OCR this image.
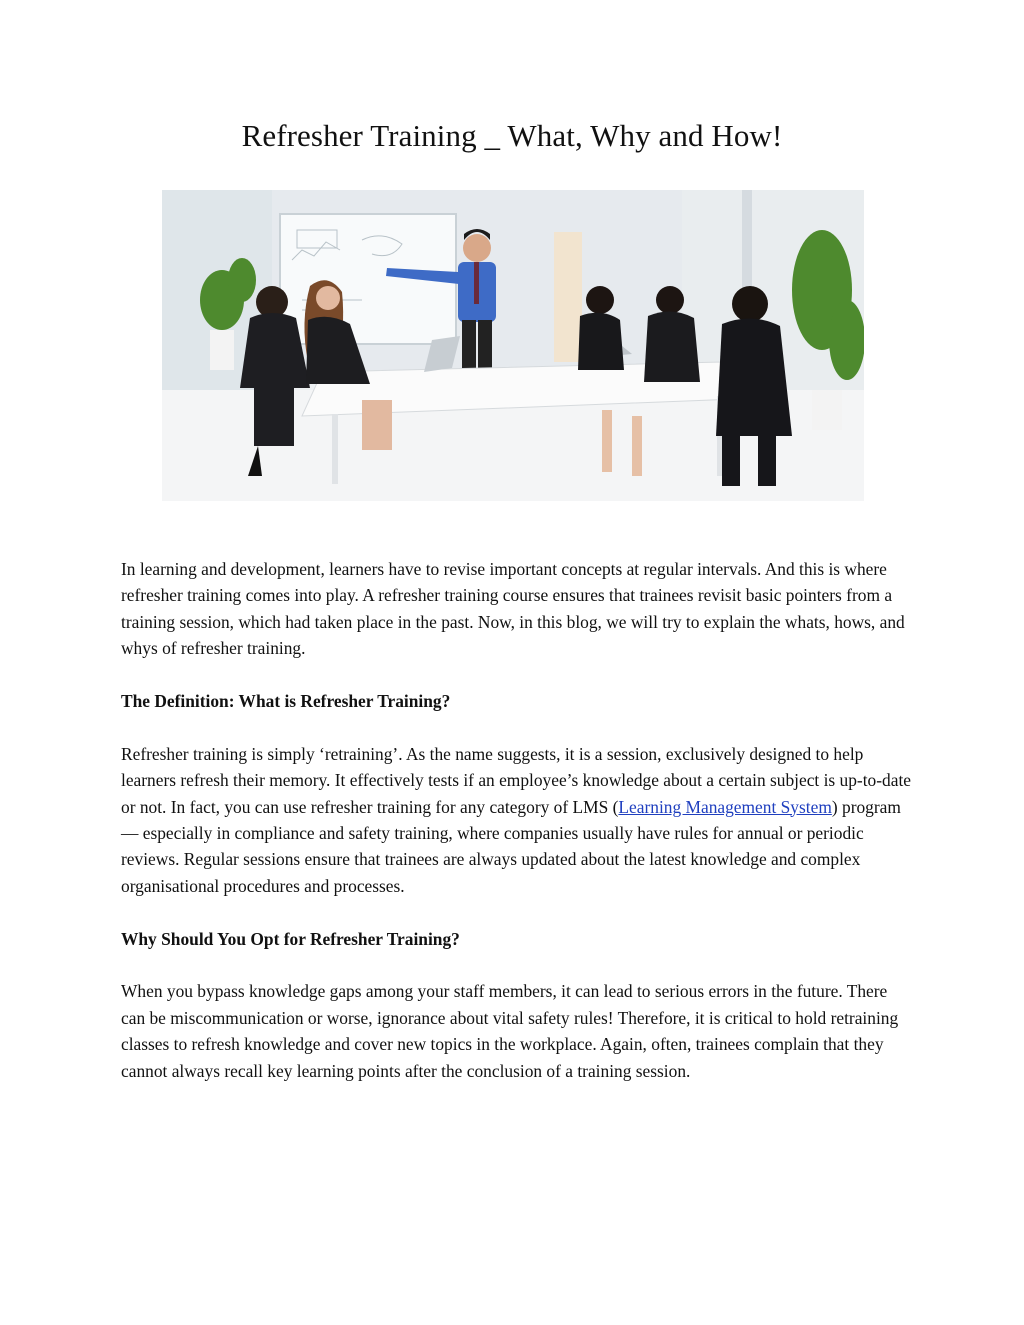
Refresher Training _ What, Why and How!

In learning and development, learners have to revise important concepts at regular intervals. And this is where refresher training comes into play. A refresher training course ensures that trainees revisit basic pointers from a training session, which had taken place in the past. Now, in this blog, we will try to explain the whats, hows, and whys of refresher training.

The Definition: What is Refresher Training?

Refresher training is simply ‘retraining’. As the name suggests, it is a session, exclusively designed to help learners refresh their memory. It effectively tests if an employee’s knowledge about a certain subject is up-to-date or not. In fact, you can use refresher training for any category of LMS (Learning Management System) program — especially in compliance and safety training, where companies usually have rules for annual or periodic reviews. Regular sessions ensure that trainees are always updated about the latest knowledge and complex organisational procedures and processes.

Why Should You Opt for Refresher Training?

When you bypass knowledge gaps among your staff members, it can lead to serious errors in the future. There can be miscommunication or worse, ignorance about vital safety rules! Therefore, it is critical to hold retraining classes to refresh knowledge and cover new topics in the workplace. Again, often, trainees complain that they cannot always recall key learning points after the conclusion of a training session.
